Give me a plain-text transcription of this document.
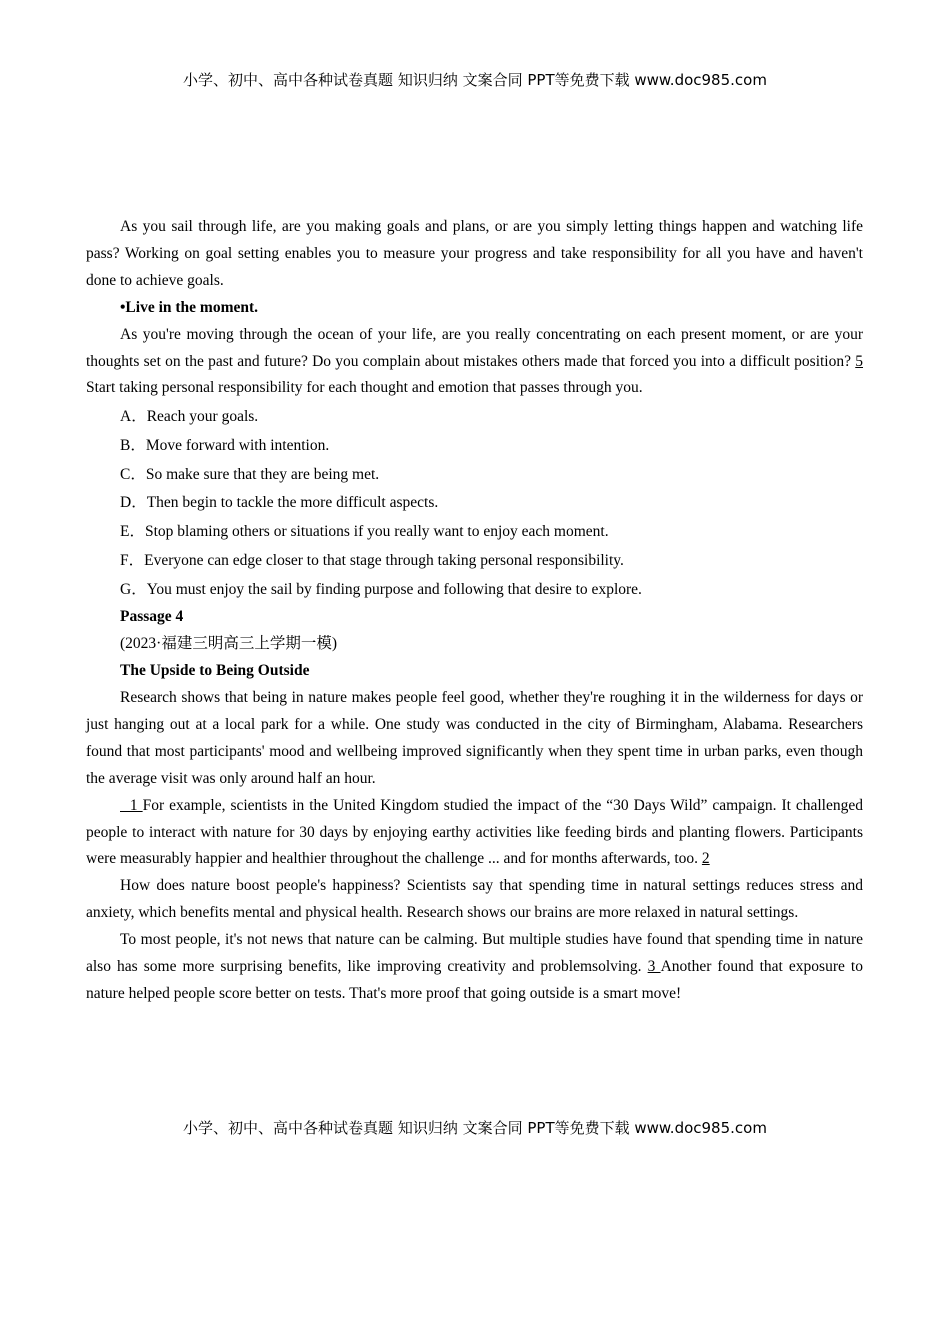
小学、初中、高中各种试卷真题 知识归纳 文案合同 PPT等免费下载 www.doc985.com

As you sail through life, are you making goals and plans, or are you simply letting things happen and watching life pass? Working on goal setting enables you to measure your progress and take responsibility for all you have and haven't done to achieve goals.

•Live in the moment.

As you're moving through the ocean of your life, are you really concentrating on each present moment, or are your thoughts set on the past and future? Do you complain about mistakes others made that forced you into a difficult position? 5 Start taking personal responsibility for each thought and emotion that passes through you.

A．Reach your goals.

B．Move forward with intention.

C．So make sure that they are being met.

D．Then begin to tackle the more difficult aspects.

E．Stop blaming others or situations if you really want to enjoy each moment.

F．Everyone can edge closer to that stage through taking personal responsibility.

G．You must enjoy the sail by finding purpose and following that desire to explore.

Passage 4

(2023·福建三明高三上学期一模)

The Upside to Being Outside

Research shows that being in nature makes people feel good, whether they're roughing it in the wilderness for days or just hanging out at a local park for a while. One study was conducted in the city of Birmingham, Alabama. Researchers found that most participants' mood and wellbeing improved significantly when they spent time in urban parks, even though the average visit was only around half an hour.

1 For example, scientists in the United Kingdom studied the impact of the “30 Days Wild” campaign. It challenged people to interact with nature for 30 days by enjoying earthy activities like feeding birds and planting flowers. Participants were measurably happier and healthier throughout the challenge ... and for months afterwards, too. 2

How does nature boost people's happiness? Scientists say that spending time in natural settings reduces stress and anxiety, which benefits mental and physical health. Research shows our brains are more relaxed in natural settings.

To most people, it's not news that nature can be calming. But multiple studies have found that spending time in nature also has some more surprising benefits, like improving creativity and problemsolving. 3 Another found that exposure to nature helped people score better on tests. That's more proof that going outside is a smart move!

小学、初中、高中各种试卷真题 知识归纳 文案合同 PPT等免费下载 www.doc985.com
